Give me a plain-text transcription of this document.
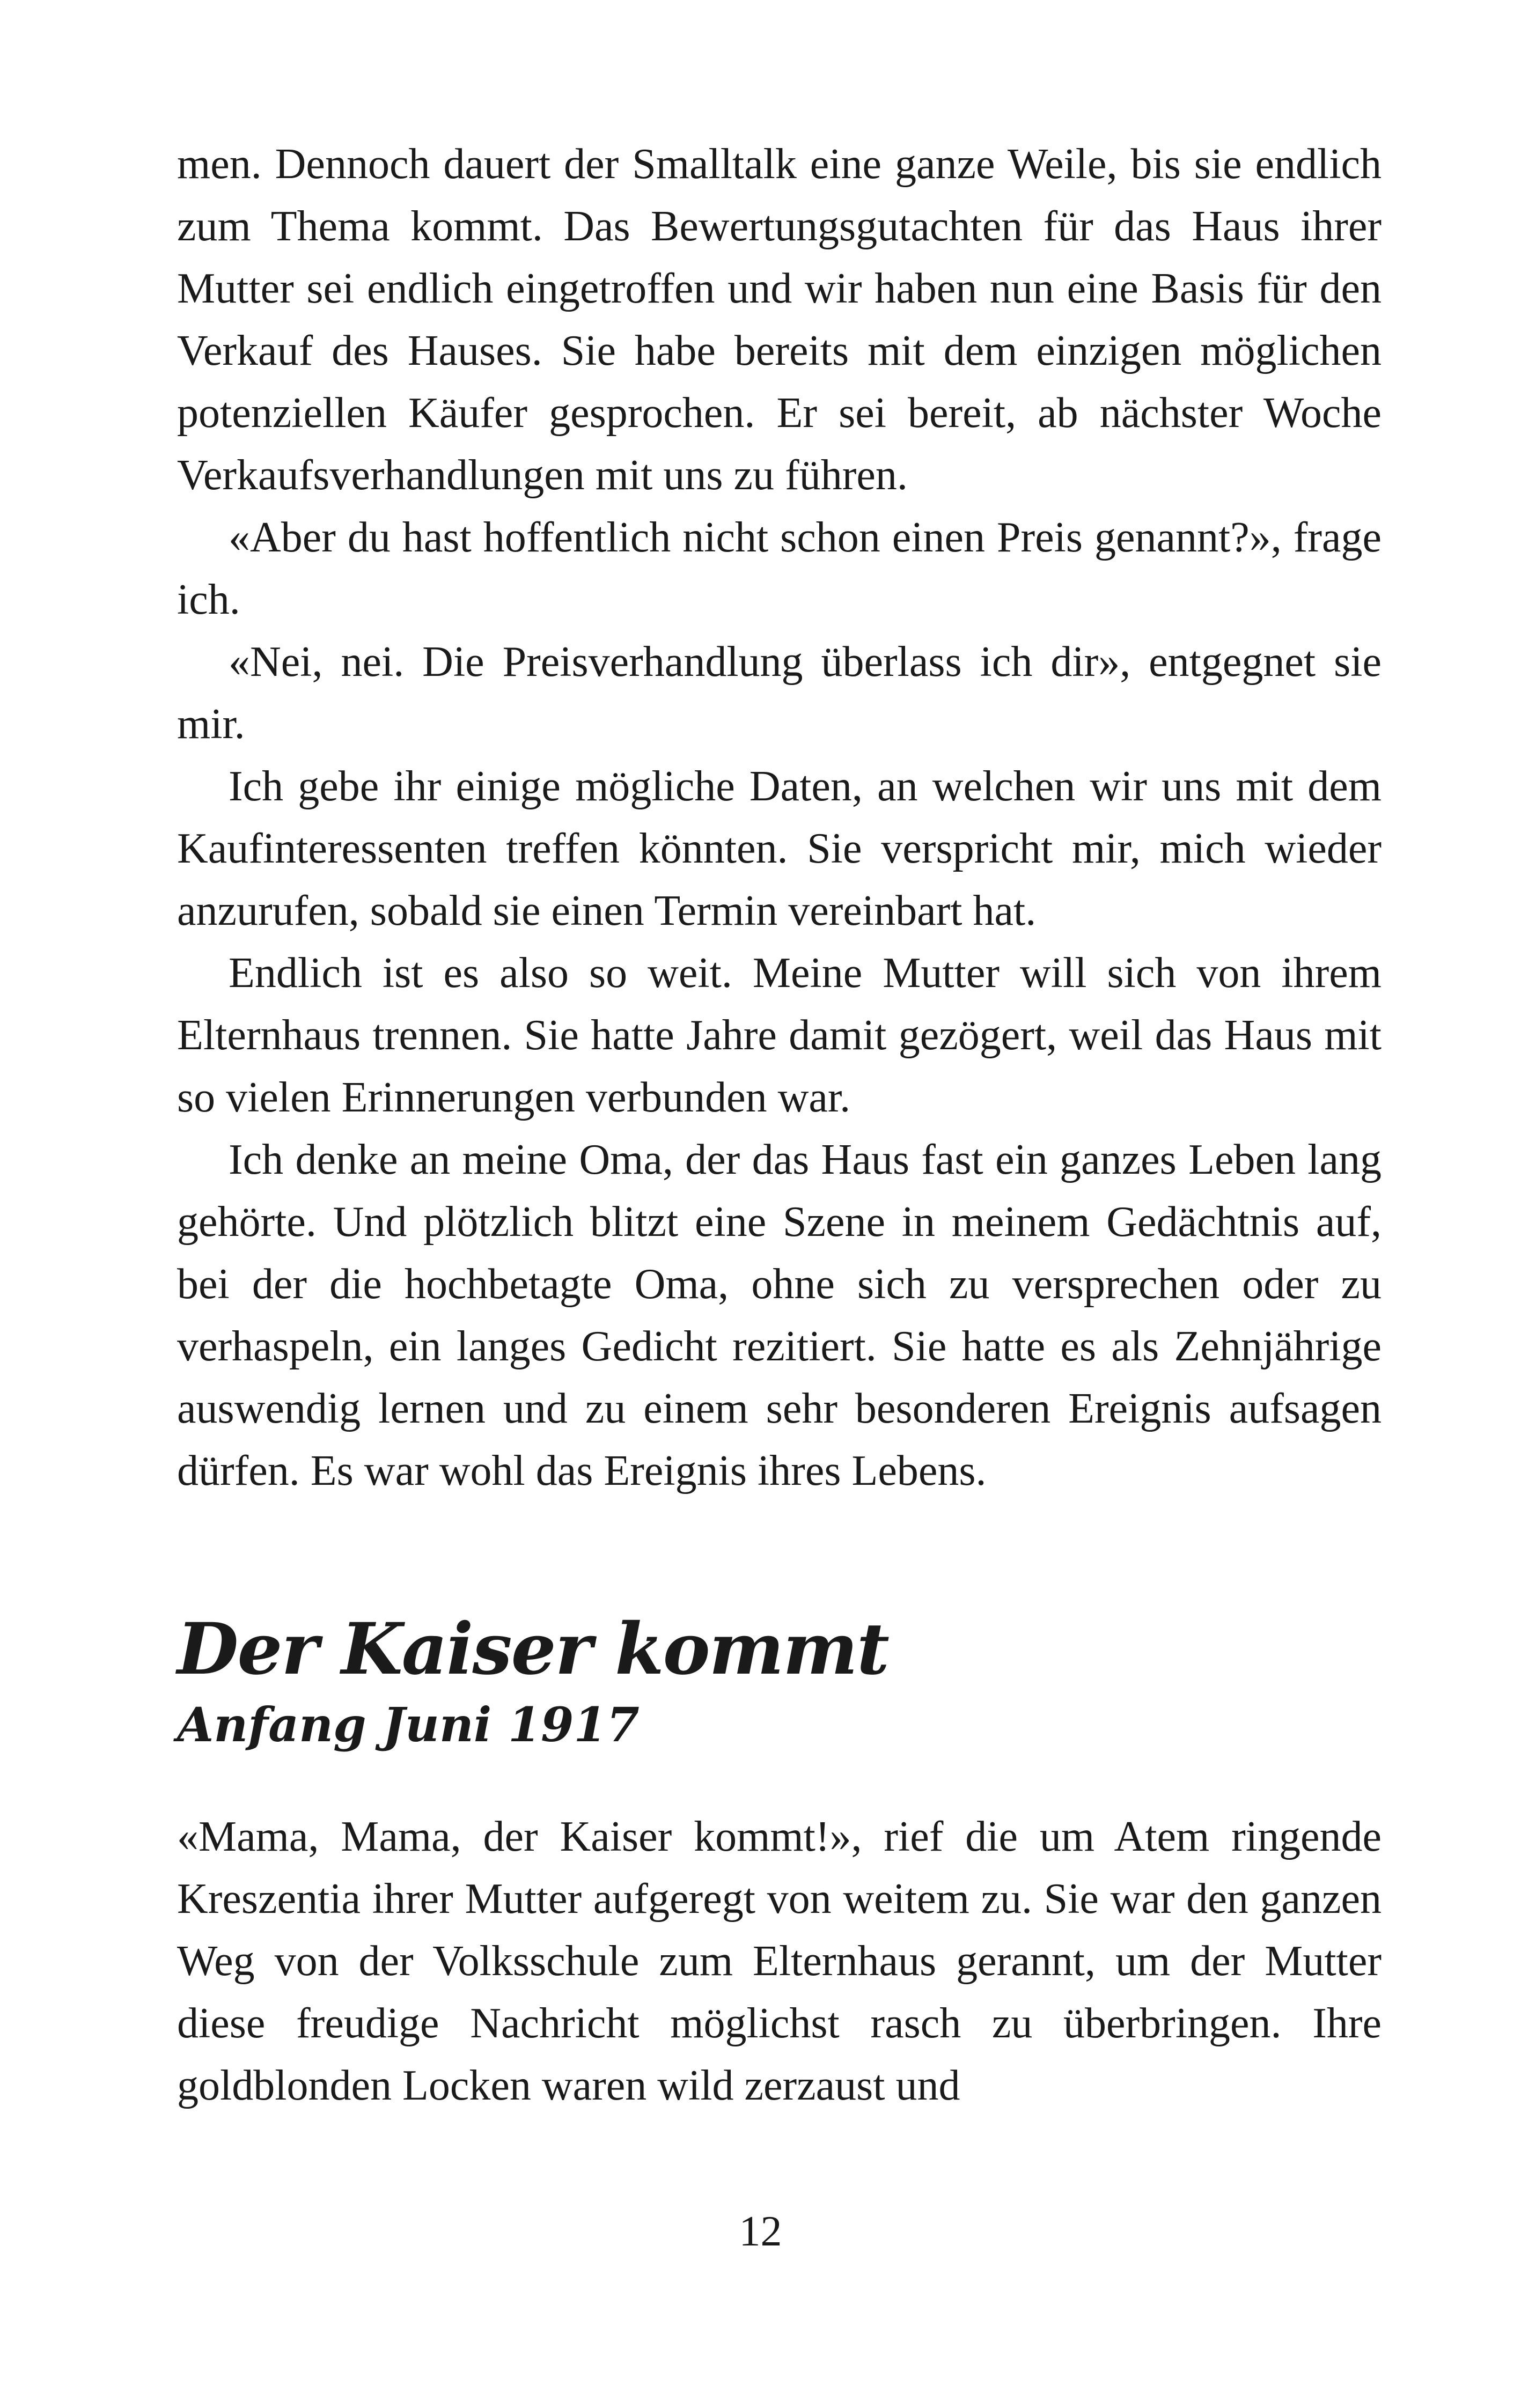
men. Dennoch dauert der Smalltalk eine ganze Weile, bis sie endlich zum Thema kommt. Das Bewertungsgutachten für das Haus ihrer Mutter sei endlich eingetroffen und wir haben nun eine Basis für den Verkauf des Hauses. Sie habe bereits mit dem einzigen möglichen potenziellen Käufer gesprochen. Er sei bereit, ab nächster Woche Verkaufsverhandlungen mit uns zu führen.

«Aber du hast hoffentlich nicht schon einen Preis genannt?», frage ich.

«Nei, nei. Die Preisverhandlung überlass ich dir», entgegnet sie mir.

Ich gebe ihr einige mögliche Daten, an welchen wir uns mit dem Kaufinteressenten treffen könnten. Sie verspricht mir, mich wieder anzurufen, sobald sie einen Termin vereinbart hat.

Endlich ist es also so weit. Meine Mutter will sich von ihrem Elternhaus trennen. Sie hatte Jahre damit gezögert, weil das Haus mit so vielen Erinnerungen verbunden war.

Ich denke an meine Oma, der das Haus fast ein ganzes Leben lang gehörte. Und plötzlich blitzt eine Szene in meinem Gedächtnis auf, bei der die hochbetagte Oma, ohne sich zu versprechen oder zu verhaspeln, ein langes Gedicht rezitiert. Sie hatte es als Zehnjährige auswendig lernen und zu einem sehr besonderen Ereignis aufsagen dürfen. Es war wohl das Ereignis ihres Lebens.

Der Kaiser kommt
Anfang Juni 1917

«Mama, Mama, der Kaiser kommt!», rief die um Atem ringende Kreszentia ihrer Mutter aufgeregt von weitem zu. Sie war den ganzen Weg von der Volksschule zum Elternhaus gerannt, um der Mutter diese freudige Nachricht möglichst rasch zu überbringen. Ihre goldblonden Locken waren wild zerzaust und

12
